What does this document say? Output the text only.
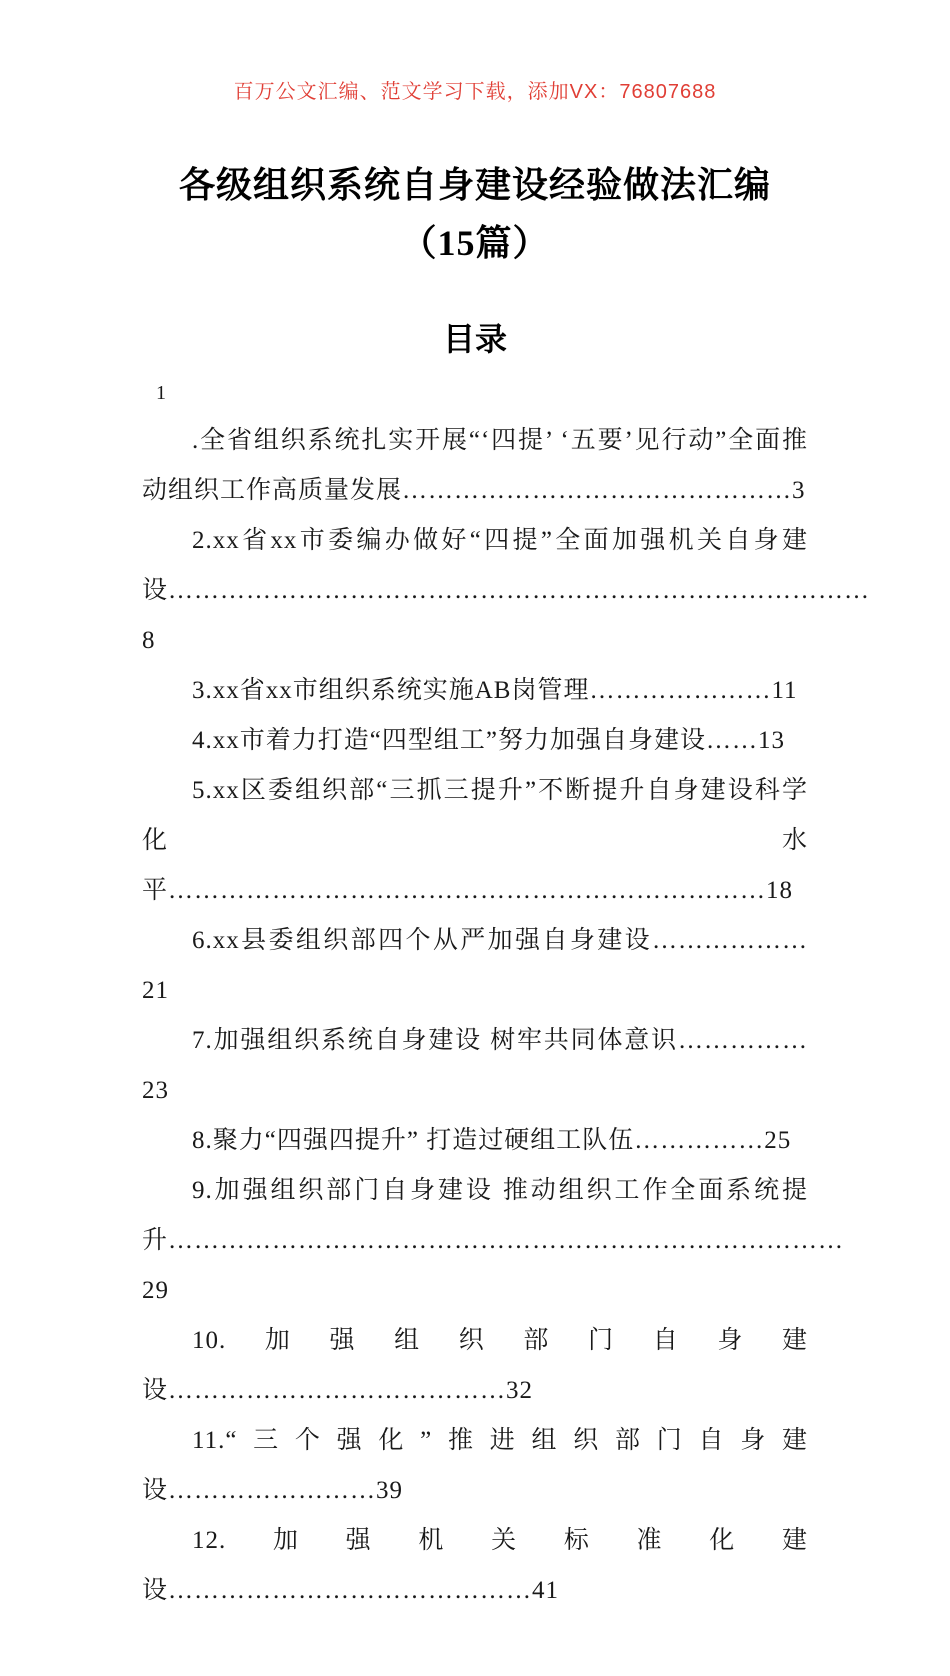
百万公文汇编、范文学习下载，添加VX：76807688
各级组织系统自身建设经验做法汇编（15篇）
目录

1

.全省组织系统扎实开展“‘四提’ ‘五要’见行动”全面推动组织工作高质量发展………………………………………3

2.xx省xx市委编办做好“四提”全面加强机关自身建设………………………………………………………………………8

3.xx省xx市组织系统实施AB岗管理…………………11

4.xx市着力打造“四型组工”努力加强自身建设……13

5.xx区委组织部“三抓三提升”不断提升自身建设科学化水平……………………………………………………………18

6.xx县委组织部四个从严加强自身建设………………21

7.加强组织系统自身建设 树牢共同体意识……………23

8.聚力“四强四提升” 打造过硬组工队伍……………25

9.加强组织部门自身建设 推动组织工作全面系统提升……………………………………………………………………29

10.加强组织部门自身建设…………………………………32

11.“三个强化”推进组织部门自身建设……………………39

12.加强机关标准化建设……………………………………41
